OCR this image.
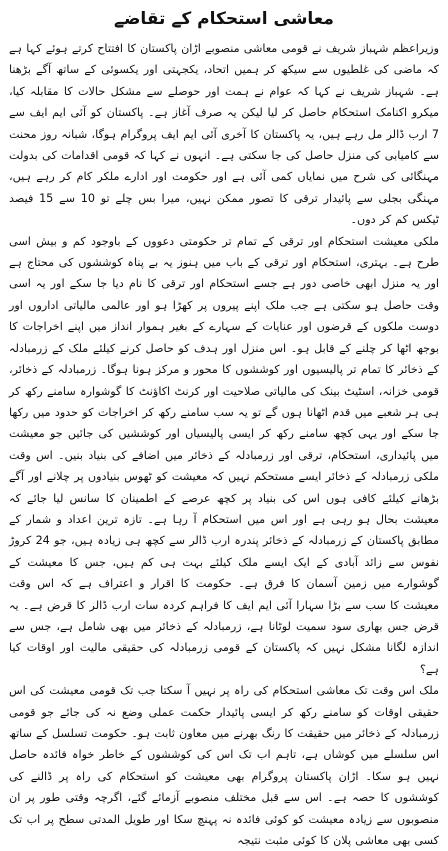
معاشی استحکام کے تقاضے

وزیراعظم شہباز شریف نے قومی معاشی منصوبے اڑان پاکستان کا افتتاح کرتے ہوئے کہا ہے کہ ماضی کی غلطیوں سے سیکھ کر ہمیں اتحاد، یکجہتی اور یکسوئی کے ساتھ آگے بڑھنا ہے۔ شہباز شریف نے کہا کہ عوام نے ہمت اور حوصلے سے مشکل حالات کا مقابلہ کیا، میکرو اکنامک استحکام حاصل کر لیا لیکن یہ صرف آغاز ہے۔ پاکستان کو آئی ایم ایف سے 7 ارب ڈالر مل رہے ہیں، یہ پاکستان کا آخری آئی ایم ایف پروگرام ہوگا، شبانہ روز محنت سے کامیابی کی منزل حاصل کی جا سکتی ہے۔ انہوں نے کہا کہ قومی اقدامات کی بدولت مہنگائی کی شرح میں نمایاں کمی آئی ہے اور حکومت اور ادارے ملکر کام کر رہے ہیں، مہنگی بجلی سے پائیدار ترقی کا تصور ممکن نہیں، میرا بس چلے تو 10 سے 15 فیصد ٹیکس کم کر دوں۔

ملکی معیشت استحکام اور ترقی کے تمام تر حکومتی دعووں کے باوجود کم و بیش اسی طرح ہے۔ بہتری، استحکام اور ترقی کے باب میں ہنوز یہ بے پناہ کوششوں کی محتاج ہے اور یہ منزل ابھی خاصی دور ہے جسے استحکام اور ترقی کا نام دیا جا سکے اور یہ اسی وقت حاصل ہو سکتی ہے جب ملک اپنے پیروں پر کھڑا ہو اور عالمی مالیاتی اداروں اور دوست ملکوں کے قرضوں اور عنایات کے سہارے کے بغیر ہموار انداز میں اپنے اخراجات کا بوجھ اٹھا کر چلنے کے قابل ہو۔ اس منزل اور ہدف کو حاصل کرنے کیلئے ملک کے زرمبادلہ کے ذخائر کا تمام تر پالیسیوں اور کوششوں کا محور و مرکز ہونا ہوگا۔ زرمبادلہ کے ذخائر، قومی خزانہ، اسٹیٹ بینک کی مالیاتی صلاحیت اور کرنٹ اکاؤنٹ کا گوشوارہ سامنے رکھ کر ہی ہر شعبے میں قدم اٹھانا ہوں گے تو یہ سب سامنے رکھ کر اخراجات کو حدود میں رکھا جا سکے اور یہی کچھ سامنے رکھ کر ایسی پالیسیاں اور کوششیں کی جائیں جو معیشت میں پائیداری، استحکام، ترقی اور زرمبادلہ کے ذخائر میں اضافے کی بنیاد بنیں۔ اس وقت ملکی زرمبادلہ کے ذخائر ایسے مستحکم نہیں کہ معیشت کو ٹھوس بنیادوں پر چلانے اور آگے بڑھانے کیلئے کافی ہوں اس کی بنیاد پر کچھ عرصے کے اطمینان کا سانس لیا جائے کہ معیشت بحال ہو رہی ہے اور اس میں استحکام آ رہا ہے۔ تازہ ترین اعداد و شمار کے مطابق پاکستان کے زرمبادلہ کے ذخائر پندرہ ارب ڈالر سے کچھ ہی زیادہ ہیں، جو 24 کروڑ نفوس سے زائد آبادی کے ایک ایسے ملک کیلئے بہت ہی کم ہیں، جس کا معیشت کے گوشوارے میں زمین آسمان کا فرق ہے۔ حکومت کا اقرار و اعتراف ہے کہ اس وقت معیشت کا سب سے بڑا سہارا آئی ایم ایف کا فراہم کردہ سات ارب ڈالر کا قرض ہے۔ یہ قرض جس بھاری سود سمیت لوٹانا ہے، زرمبادلہ کے ذخائر میں بھی شامل ہے، جس سے اندازہ لگانا مشکل نہیں کہ پاکستان کے قومی زرمبادلہ کی حقیقی مالیت اور اوقات کیا ہے؟

ملک اس وقت تک معاشی استحکام کی راہ پر نہیں آ سکتا جب تک قومی معیشت کی اس حقیقی اوقات کو سامنے رکھ کر ایسی پائیدار حکمت عملی وضع نہ کی جائے جو قومی زرمبادلہ کے ذخائر میں حقیقت کا رنگ بھرنے میں معاون ثابت ہو۔ حکومت تسلسل کے ساتھ اس سلسلے میں کوشاں ہے، تاہم اب تک اس کی کوششوں کے خاطر خواہ فائدہ حاصل نہیں ہو سکا۔ اڑان پاکستان پروگرام بھی معیشت کو استحکام کی راہ پر ڈالنے کی کوششوں کا حصہ ہے۔ اس سے قبل مختلف منصوبے آزمائے گئے، اگرچہ وقتی طور پر ان منصوبوں سے زیادہ معیشت کو کوئی فائدہ نہ پہنچ سکا اور طویل المدتی سطح پر اب تک کسی بھی معاشی پلان کا کوئی مثبت نتیجہ
